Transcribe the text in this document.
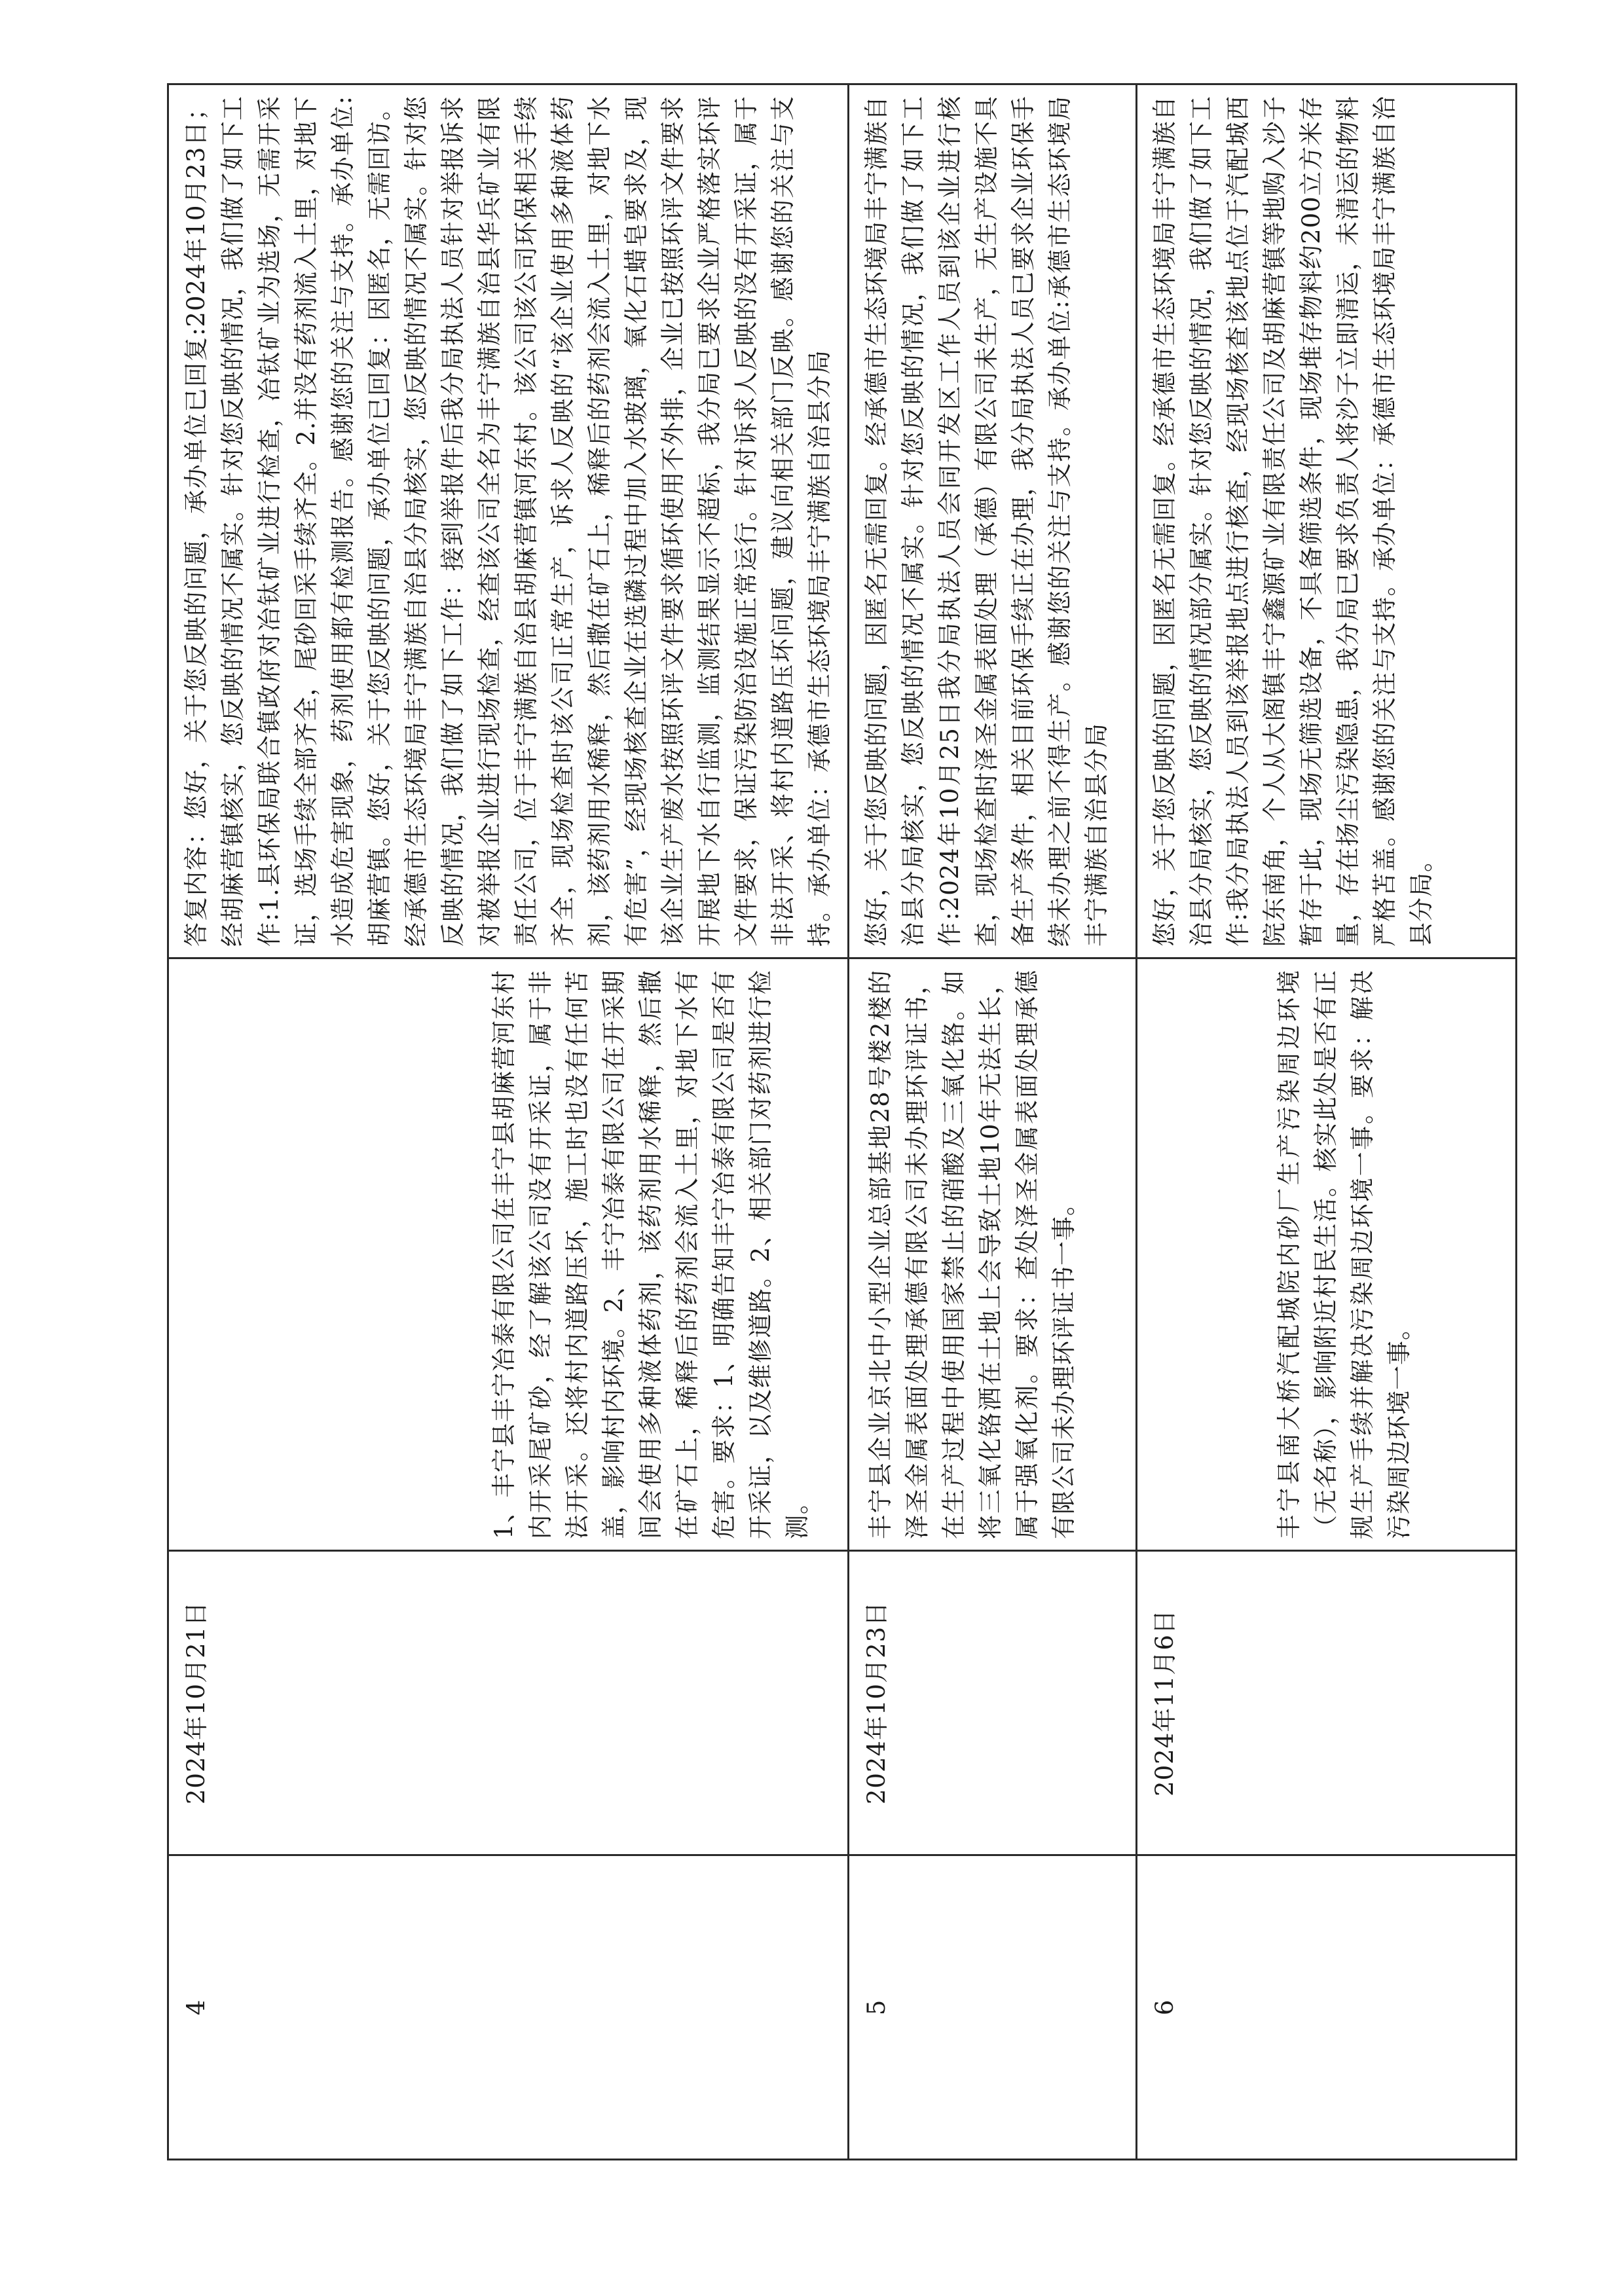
4	2024年10月21日	1、丰宁县丰宁冶泰有限公司在丰宁县胡麻营河东村内开采尾矿砂，经了解该公司没有开采证，属于非法开采。还将村内道路压坏，施工时也没有任何苫盖，影响村内环境。2、丰宁冶泰有限公司在开采期间会使用多种液体药剂，该药剂用水稀释，然后撒在矿石上，稀释后的药剂会流入土里，对地下水有危害。要求：1、明确告知丰宁冶泰有限公司是否有开采证，以及维修道路。2、相关部门对药剂进行检测。	答复内容：您好，关于您反映的问题，承办单位已回复:2024年10月23日；经胡麻营镇核实，您反映的情况不属实。针对您反映的情况，我们做了如下工作:1.县环保局联合镇政府对冶钛矿业进行检查，冶钛矿业为选场，无需开采证，选场手续全部齐全，尾砂回采手续齐全。2.并没有药剂流入土里，对地下水造成危害现象，药剂使用都有检测报告。感谢您的关注与支持。承办单位:胡麻营镇。您好，关于您反映的问题，承办单位已回复：因匿名，无需回访。经承德市生态环境局丰宁满族自治县分局核实，您反映的情况不属实。针对您反映的情况，我们做了如下工作：接到举报件后我分局执法人员针对举报诉求对被举报企业进行现场检查，经查该公司全名为丰宁满族自治县华兵矿业有限责任公司，位于丰宁满族自治县胡麻营镇河东村。该公司该公司环保相关手续齐全，现场检查时该公司正常生产，诉求人反映的“该企业使用多种液体药剂，该药剂用水稀释，然后撒在矿石上，稀释后的药剂会流入土里，对地下水有危害”，经现场核查企业在选磷过程中加入水玻璃，氧化石蜡皂要求及，现该企业生产废水按照环评文件要求循环使用不外排，企业已按照环评文件要求开展地下水自行监测，监测结果显示不超标，我分局已要求企业严格落实环评文件要求，保证污染防治设施正常运行。针对诉求人反映的没有开采证，属于非法开采、将村内道路压坏问题，建议向相关部门反映。感谢您的关注与支持。承办单位：承德市生态环境局丰宁满族自治县分局

5	2024年10月23日	丰宁县企业京北中小型企业总部基地28号楼2楼的泽圣金属表面处理承德有限公司未办理环评证书，在生产过程中使用国家禁止的硝酸及三氧化铬。如将三氧化铬洒在土地上会导致土地10年无法生长，属于强氧化剂。要求：查处泽圣金属表面处理承德有限公司未办理环评证书一事。	您好，关于您反映的问题，因匿名无需回复。经承德市生态环境局丰宁满族自治县分局核实，您反映的情况不属实。针对您反映的情况，我们做了如下工作:2024年10月25日我分局执法人员会同开发区工作人员到该企业进行核查，现场检查时泽圣金属表面处理（承德）有限公司未生产，无生产设施不具备生产条件，相关目前环保手续正在办理，我分局执法人员已要求企业环保手续未办理之前不得生产。感谢您的关注与支持。承办单位:承德市生态环境局丰宁满族自治县分局

6	2024年11月6日	丰宁县南大桥汽配城院内砂厂生产污染周边环境（无名称），影响附近村民生活。核实此处是否有正规生产手续并解决污染周边环境一事。要求：解决污染周边环境一事。	您好，关于您反映的问题，因匿名无需回复。经承德市生态环境局丰宁满族自治县分局核实，您反映的情况部分属实。针对您反映的情况，我们做了如下工作:我分局执法人员到该举报地点进行核查，经现场核查该地点位于汽配城西院东南角，个人从大阁镇丰宁鑫源矿业有限责任公司及胡麻营镇等地购入沙子暂存于此，现场无筛选设备，不具备筛选条件，现场堆存物料约200立方米存量，存在扬尘污染隐患，我分局已要求负责人将沙子立即清运，未清运的物料严格苫盖。感谢您的关注与支持。承办单位：承德市生态环境局丰宁满族自治县分局。
